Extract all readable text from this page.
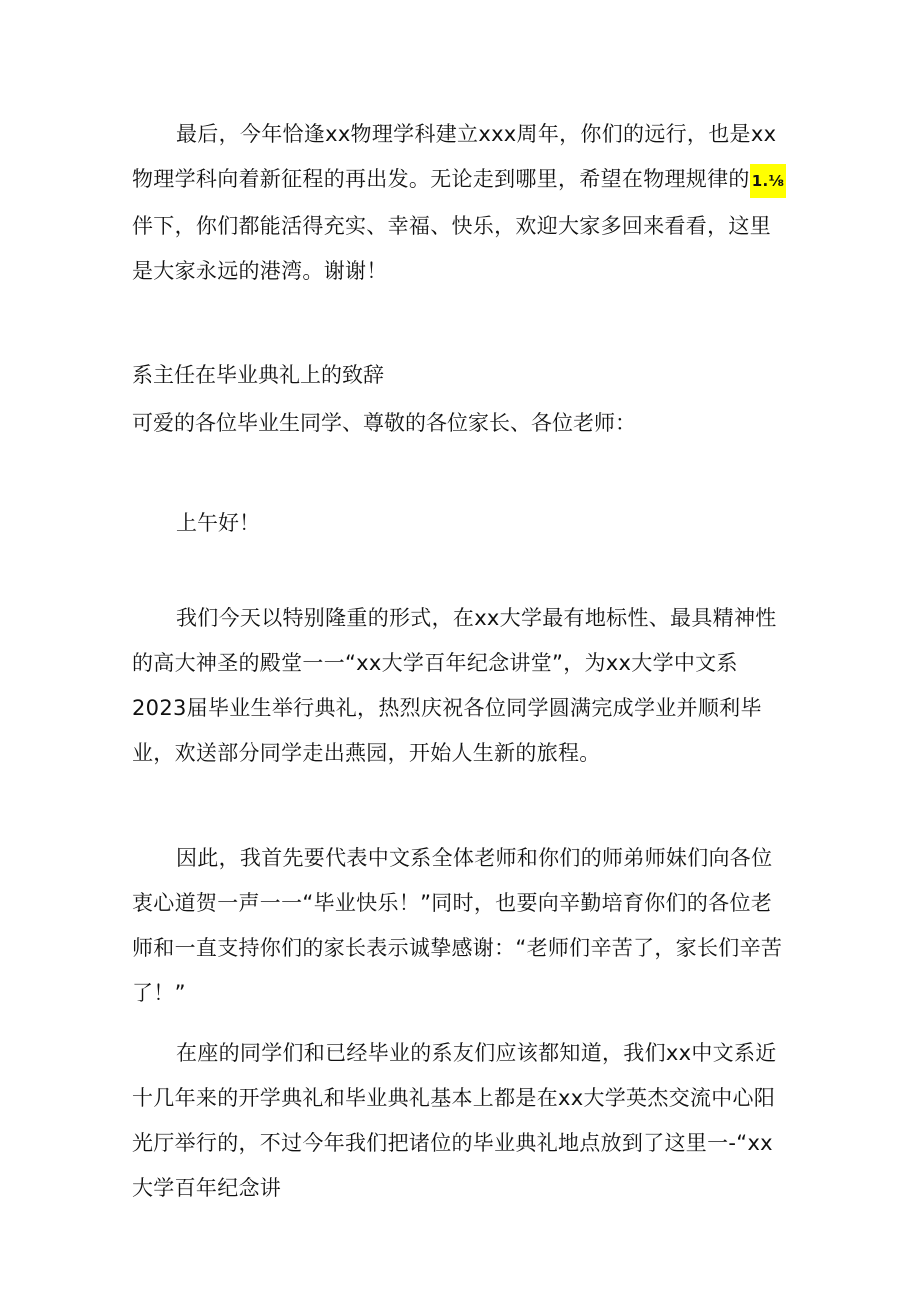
最后，今年恰逢xx物理学科建立xxx周年，你们的远行，也是xx物理学科向着新征程的再出发。无论走到哪里，希望在物理规律的 1.⅛伴下，你们都能活得充实、幸福、快乐，欢迎大家多回来看看，这里是大家永远的港湾。谢谢！

系主任在毕业典礼上的致辞
可爱的各位毕业生同学、尊敬的各位家长、各位老师：
上午好！

我们今天以特别隆重的形式，在xx大学最有地标性、最具精神性的高大神圣的殿堂一一“xx大学百年纪念讲堂”，为xx大学中文系2023届毕业生举行典礼，热烈庆祝各位同学圆满完成学业并顺利毕业，欢送部分同学走出燕园，开始人生新的旅程。

因此，我首先要代表中文系全体老师和你们的师弟师妹们向各位衷心道贺一声一一“毕业快乐！”同时，也要向辛勤培育你们的各位老师和一直支持你们的家长表示诚挚感谢：“老师们辛苦了，家长们辛苦了！”

在座的同学们和已经毕业的系友们应该都知道，我们xx中文系近十几年来的开学典礼和毕业典礼基本上都是在xx大学英杰交流中心阳光厅举行的，不过今年我们把诸位的毕业典礼地点放到了这里一-“xx大学百年纪念讲
